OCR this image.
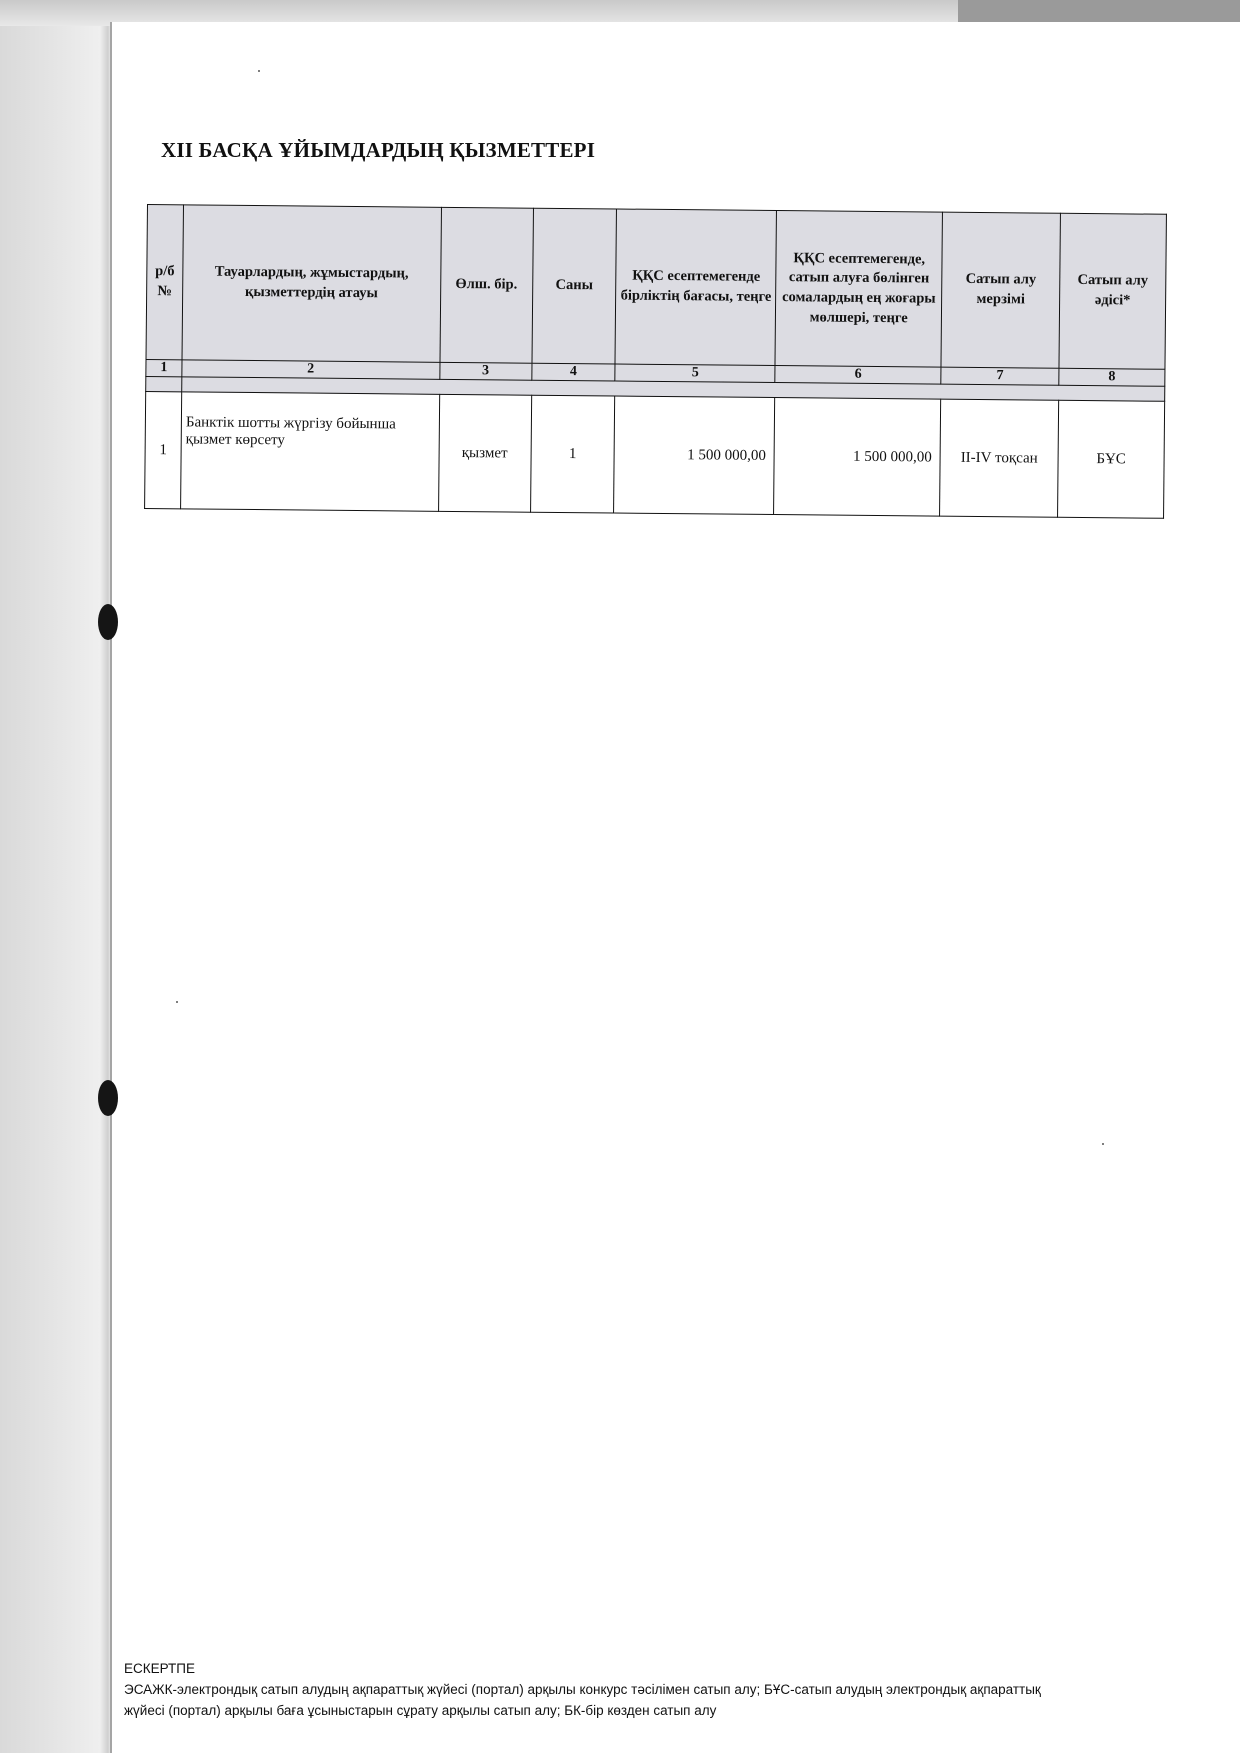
ХІІ БАСҚА ҰЙЫМДАРДЫҢ ҚЫЗМЕТТЕРІ
р/б №	Тауарлардың, жұмыстардың, қызметтердің атауы	Өлш. бір.	Саны	ҚҚС есептемегенде бірліктің бағасы, теңге	ҚҚС есептемегенде, сатып алуға бөлінген сомалардың ең жоғары мөлшері, теңге	Сатып алу мерзімі	Сатып алу әдісі*
1	2	3	4	5	6	7	8

1	Банктік шотты жүргізу бойынша қызмет көрсету	қызмет	1	1 500 000,00	1 500 000,00	II-IV тоқсан	БҰС

ЕСКЕРТПЕ

ЭСАЖК-электрондық сатып алудың ақпараттық жүйесі (портал) арқылы конкурс тәсілімен сатып алу; БҰС-сатып алудың электрондық ақпараттық

жүйесі (портал) арқылы баға ұсыныстарын сұрату арқылы сатып алу; БК-бір көзден сатып алу
